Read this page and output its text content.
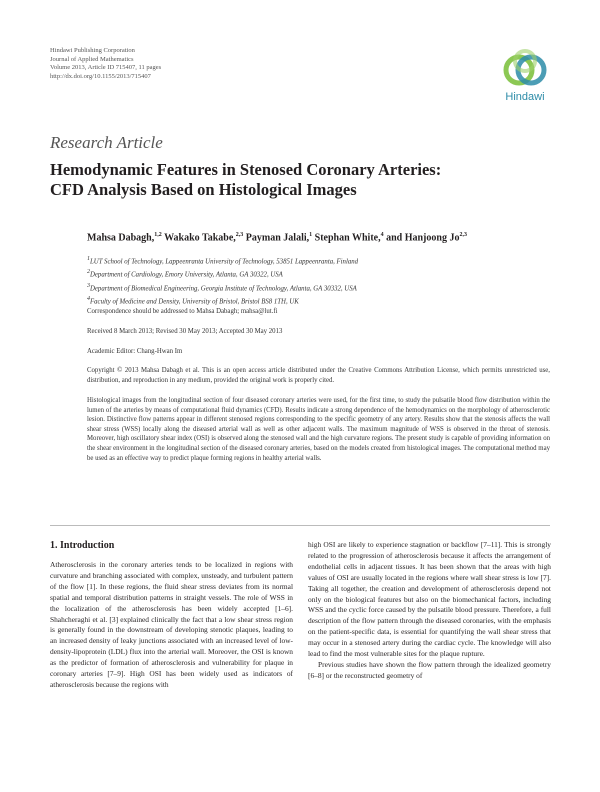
Hindawi Publishing Corporation
Journal of Applied Mathematics
Volume 2013, Article ID 715407, 11 pages
http://dx.doi.org/10.1155/2013/715407
Hindawi
Research Article
Hemodynamic Features in Stenosed Coronary Arteries:
CFD Analysis Based on Histological Images
Mahsa Dabagh,$^{1,2}$ Wakako Takabe,$^{2,3}$ Payman Jalali,$^1$ Stephan White,$^4$ and Hanjoong Jo$^{2,3}$
$^1$LUT School of Technology, Lappeenranta University of Technology, 53851 Lappeenranta, Finland
$^2$Department of Cardiology, Emory University, Atlanta, GA 30322, USA
$^3$Department of Biomedical Engineering, Georgia Institute of Technology, Atlanta, GA 30332, USA
$^4$Faculty of Medicine and Density, University of Bristol, Bristol BS8 1TH, UK
Correspondence should be addressed to Mahsa Dabagh; mahsa@lut.fi
Received 8 March 2013; Revised 30 May 2013; Accepted 30 May 2013
Academic Editor: Chang-Hwan Im
Copyright © 2013 Mahsa Dabagh et al. This is an open access article distributed under the Creative Commons Attribution License, which permits unrestricted use, distribution, and reproduction in any medium, provided the original work is properly cited.
Histological images from the longitudinal section of four diseased coronary arteries were used, for the first time, to study the pulsatile blood flow distribution within the lumen of the arteries by means of computational fluid dynamics (CFD). Results indicate a strong dependence of the hemodynamics on the morphology of atherosclerotic lesion. Distinctive flow patterns appear in different stenosed regions corresponding to the specific geometry of any artery. Results show that the stenosis affects the wall shear stress (WSS) locally along the diseased arterial wall as well as other adjacent walls. The maximum magnitude of WSS is observed in the throat of stenosis. Moreover, high oscillatory shear index (OSI) is observed along the stenosed wall and the high curvature regions. The present study is capable of providing information on the shear environment in the longitudinal section of the diseased coronary arteries, based on the models created from histological images. The computational method may be used as an effective way to predict plaque forming regions in healthy arterial walls.
1. Introduction

Atherosclerosis in the coronary arteries tends to be localized in regions with curvature and branching associated with complex, unsteady, and turbulent pattern of the flow [1]. In these regions, the fluid shear stress deviates from its normal spatial and temporal distribution patterns in straight vessels. The role of WSS in the localization of the atherosclerosis has been widely accepted [1–6]. Shahcheraghi et al. [3] explained clinically the fact that a low shear stress region is generally found in the downstream of developing stenotic plaques, leading to an increased density of leaky junctions associated with an increased level of low-density-lipoprotein (LDL) flux into the arterial wall. Moreover, the OSI is known as the predictor of formation of atherosclerosis and vulnerability for plaque in coronary arteries [7–9]. High OSI has been widely used as indicators of atherosclerosis because the regions with

high OSI are likely to experience stagnation or backflow [7–11]. This is strongly related to the progression of atherosclerosis because it affects the arrangement of endothelial cells in adjacent tissues. It has been shown that the areas with high values of OSI are usually located in the regions where wall shear stress is low [7]. Taking all together, the creation and development of atherosclerosis depend not only on the biological features but also on the biomechanical factors, including WSS and the cyclic force caused by the pulsatile blood pressure. Therefore, a full description of the flow pattern through the diseased coronaries, with the emphasis on the patient-specific data, is essential for quantifying the wall shear stress that may occur in a stenosed artery during the cardiac cycle. The knowledge will also lead to find the most vulnerable sites for the plaque rupture.

Previous studies have shown the flow pattern through the idealized geometry [6–8] or the reconstructed geometry of
